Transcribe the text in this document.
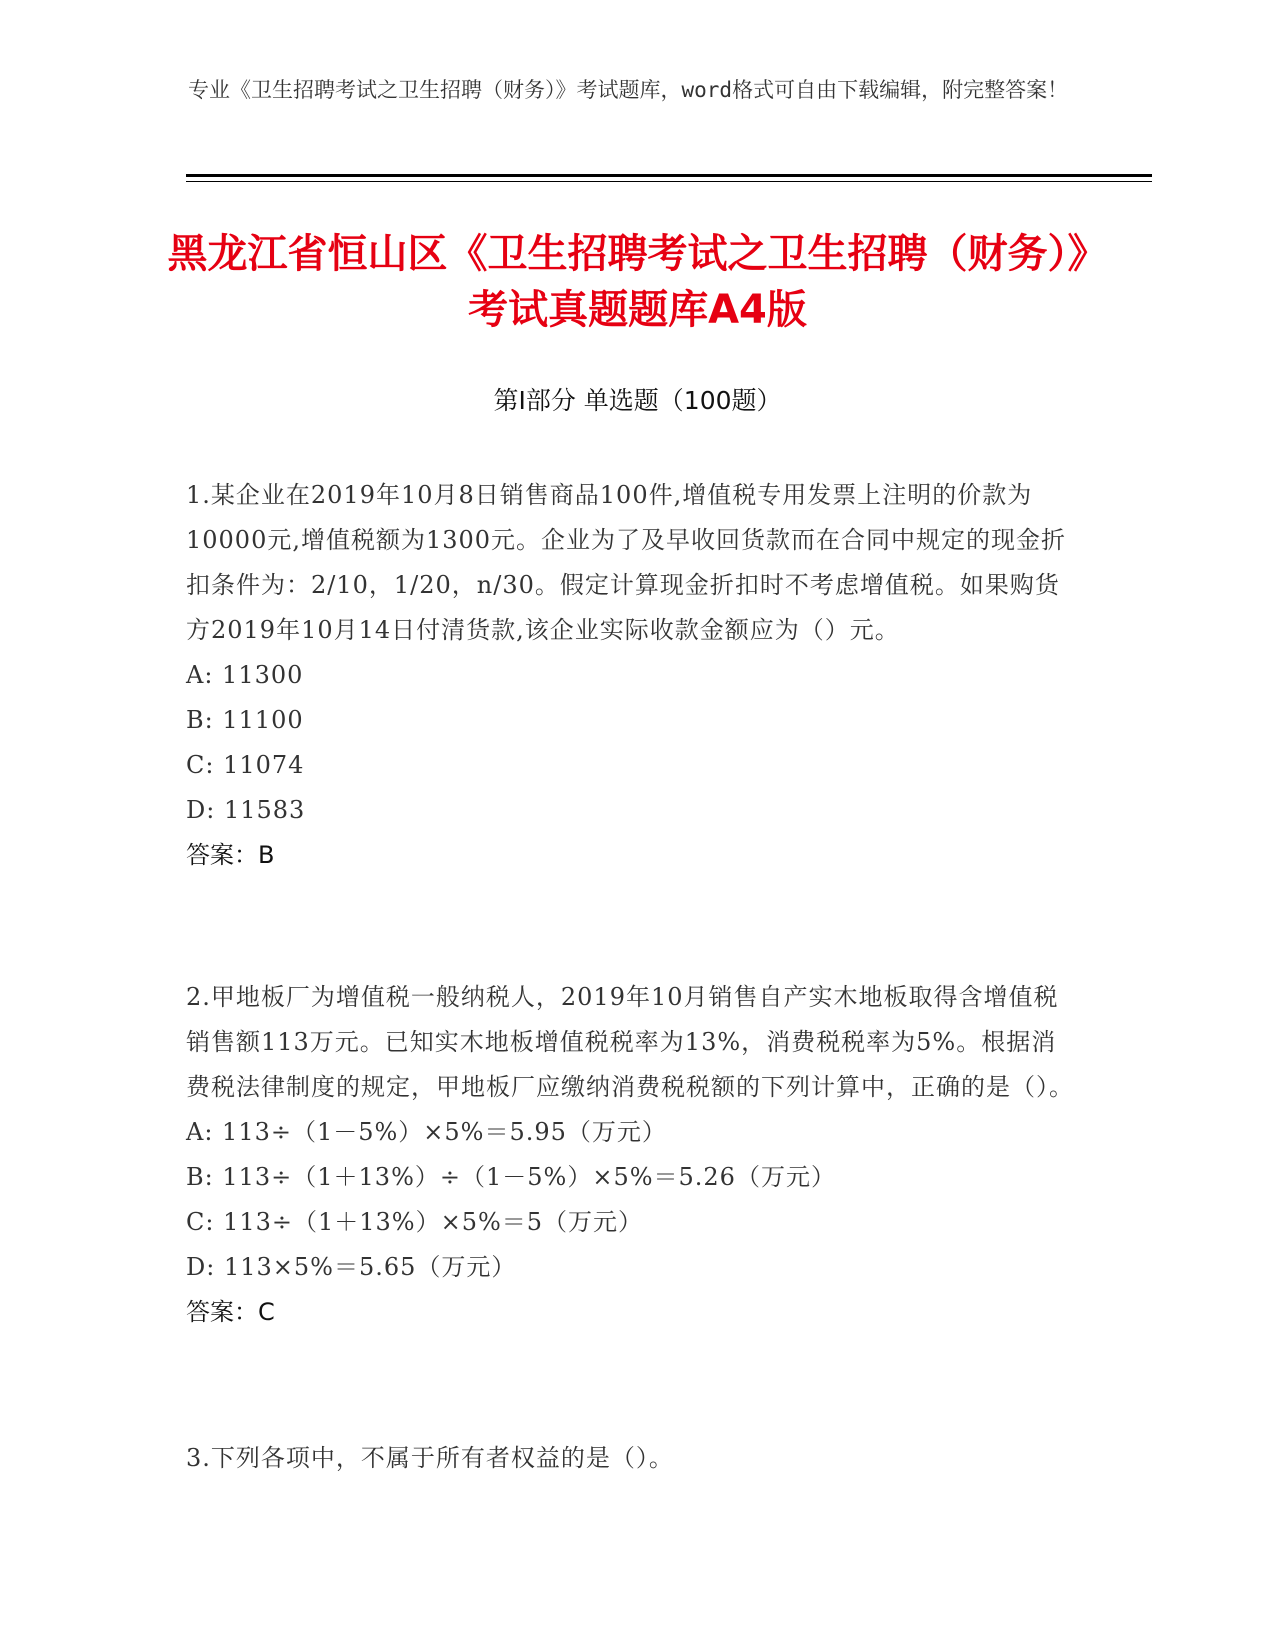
专业《卫生招聘考试之卫生招聘（财务）》考试题库，word格式可自由下载编辑，附完整答案！
黑龙江省恒山区《卫生招聘考试之卫生招聘（财务）》考试真题题库A4版
第I部分 单选题（100题）

1.某企业在2019年10月8日销售商品100件,增值税专用发票上注明的价款为10000元,增值税额为1300元。企业为了及早收回货款而在合同中规定的现金折扣条件为：2/10，1/20，n/30。假定计算现金折扣时不考虑增值税。如果购货方2019年10月14日付清货款,该企业实际收款金额应为（）元。

A: 11300

B: 11100

C: 11074

D: 11583

答案：B

2.甲地板厂为增值税一般纳税人，2019年10月销售自产实木地板取得含增值税销售额113万元。已知实木地板增值税税率为13%，消费税税率为5%。根据消费税法律制度的规定，甲地板厂应缴纳消费税税额的下列计算中，正确的是（）。

A: 113÷（1－5%）×5%＝5.95（万元）

B: 113÷（1＋13%）÷（1－5%）×5%＝5.26（万元）

C: 113÷（1＋13%）×5%＝5（万元）

D: 113×5%＝5.65（万元）

答案：C

3.下列各项中，不属于所有者权益的是（）。
